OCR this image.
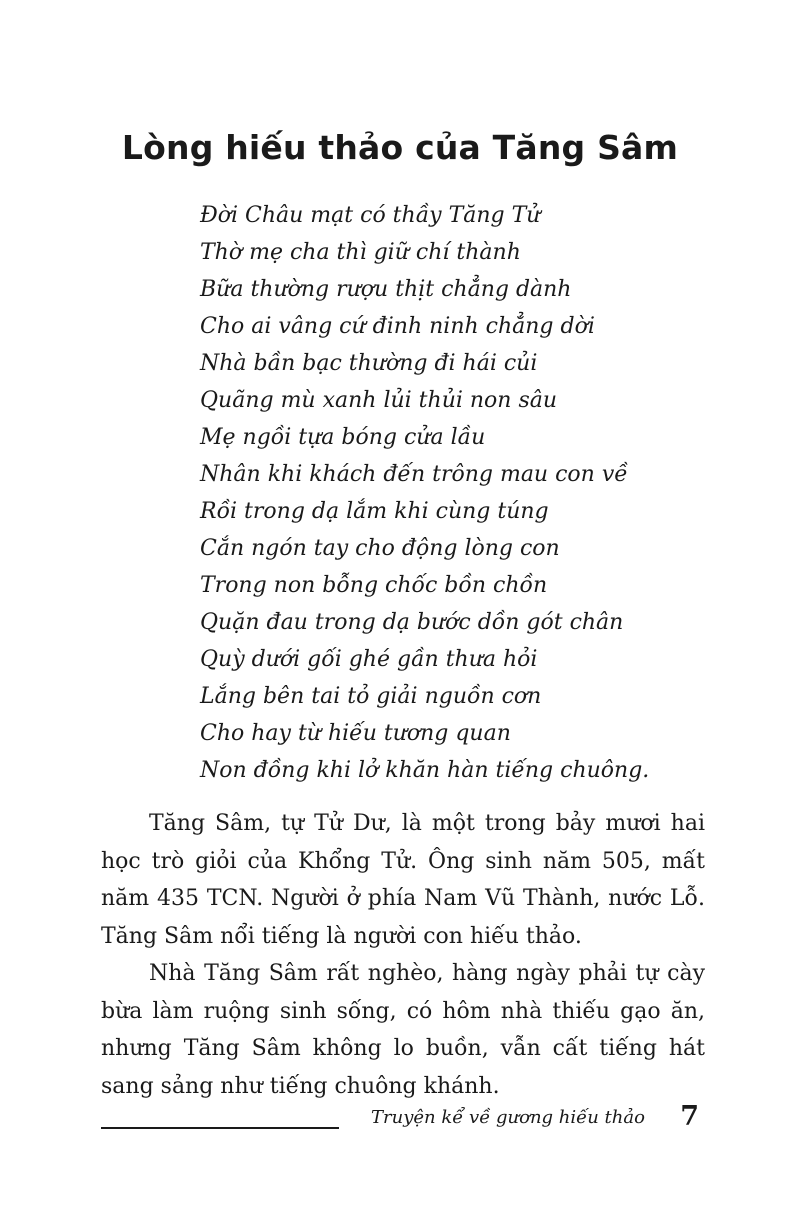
Lòng hiếu thảo của Tăng Sâm
Đời Châu mạt có thầy Tăng Tử
Thờ mẹ cha thì giữ chí thành
Bữa thường rượu thịt chẳng dành
Cho ai vâng cứ đinh ninh chẳng dời
Nhà bần bạc thường đi hái củi
Quãng mù xanh lủi thủi non sâu
Mẹ ngồi tựa bóng cửa lầu
Nhân khi khách đến trông mau con về
Rồi trong dạ lắm khi cùng túng
Cắn ngón tay cho động lòng con
Trong non bỗng chốc bồn chồn
Quặn đau trong dạ bước dồn gót chân
Quỳ dưới gối ghé gần thưa hỏi
Lắng bên tai tỏ giải nguồn cơn
Cho hay từ hiếu tương quan
Non đồng khi lở khăn hàn tiếng chuông.

Tăng Sâm, tự Tử Dư, là một trong bảy mươi hai học trò giỏi của Khổng Tử. Ông sinh năm 505, mất năm 435 TCN. Người ở phía Nam Vũ Thành, nước Lỗ. Tăng Sâm nổi tiếng là người con hiếu thảo.

Nhà Tăng Sâm rất nghèo, hàng ngày phải tự cày bừa làm ruộng sinh sống, có hôm nhà thiếu gạo ăn, nhưng Tăng Sâm không lo buồn, vẫn cất tiếng hát sang sảng như tiếng chuông khánh.

Truyện kể về gương hiếu thảo 7
